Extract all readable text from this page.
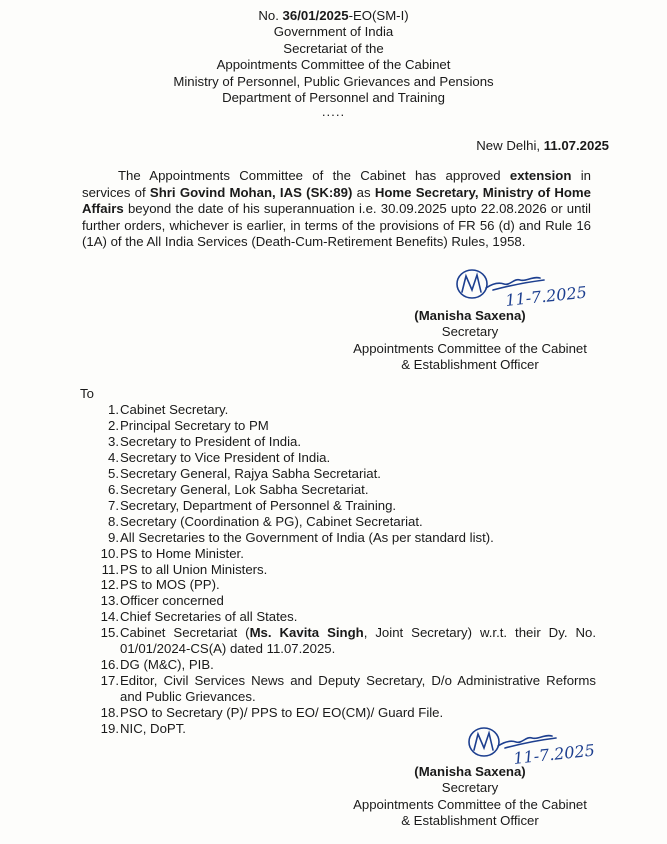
No. 36/01/2025-EO(SM-I)
Government of India
Secretariat of the
Appointments Committee of the Cabinet
Ministry of Personnel, Public Grievances and Pensions
Department of Personnel and Training
.....
New Delhi, 11.07.2025
The Appointments Committee of the Cabinet has approved extension in services of Shri Govind Mohan, IAS (SK:89) as Home Secretary, Ministry of Home Affairs beyond the date of his superannuation i.e. 30.09.2025 upto 22.08.2026 or until further orders, whichever is earlier, in terms of the provisions of FR 56 (d) and Rule 16 (1A) of the All India Services (Death-Cum-Retirement Benefits) Rules, 1958.
11-7.2025
(Manisha Saxena)
Secretary
Appointments Committee of the Cabinet
& Establishment Officer
To
1. Cabinet Secretary.
2. Principal Secretary to PM
3. Secretary to President of India.
4. Secretary to Vice President of India.
5. Secretary General, Rajya Sabha Secretariat.
6. Secretary General, Lok Sabha Secretariat.
7. Secretary, Department of Personnel & Training.
8. Secretary (Coordination & PG), Cabinet Secretariat.
9. All Secretaries to the Government of India (As per standard list).
10. PS to Home Minister.
11. PS to all Union Ministers.
12. PS to MOS (PP).
13. Officer concerned
14. Chief Secretaries of all States.
15. Cabinet Secretariat (Ms. Kavita Singh, Joint Secretary) w.r.t. their Dy. No. 01/01/2024-CS(A) dated 11.07.2025.
16. DG (M&C), PIB.
17. Editor, Civil Services News and Deputy Secretary, D/o Administrative Reforms and Public Grievances.
18. PSO to Secretary (P)/ PPS to EO/ EO(CM)/ Guard File.
19. NIC, DoPT.
11-7.2025
(Manisha Saxena)
Secretary
Appointments Committee of the Cabinet
& Establishment Officer
